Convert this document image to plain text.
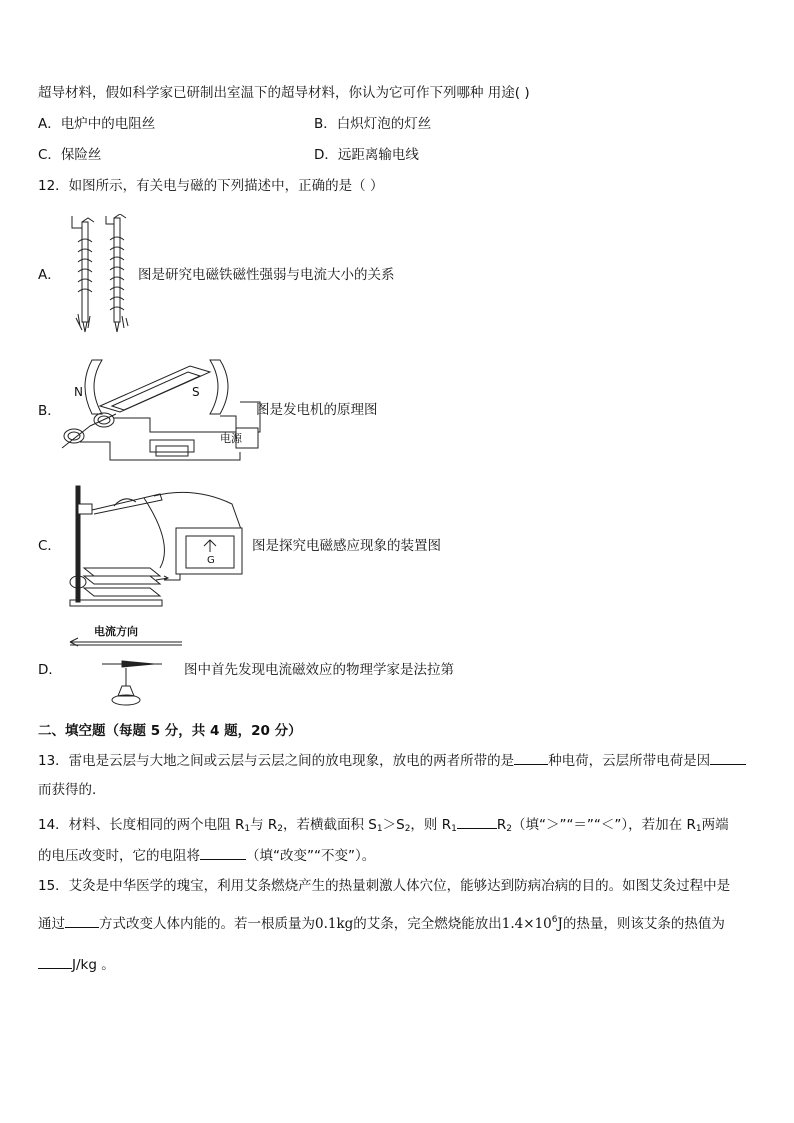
超导材料，假如科学家已研制出室温下的超导材料，你认为它可作下列哪种 用途( )
A．电炉中的电阻丝	B．白炽灯泡的灯丝
C．保险丝	D．远距离输电线
12．如图所示，有关电与磁的下列描述中，正确的是（ ）
A．	图是研究电磁铁磁性强弱与电流大小的关系
B．
N	S
电源
图是发电机的原理图
C．
G
图是探究电磁感应现象的装置图
D．
电流方向
图中首先发现电流磁效应的物理学家是法拉第
二、填空题（每题 5 分，共 4 题，20 分）
13．雷电是云层与大地之间或云层与云层之间的放电现象，放电的两者所带的是	种电荷，云层所带电荷是因
而获得的.
14．材料、长度相同的两个电阻 $R_1$与 $R_2$，若横截面积 $S_1>S_2$，则 $R_1$	$R_2$（填“＞”“＝”“＜”），若加在 $R_1$两端
的电压改变时，它的电阻将	（填“改变”“不变”）。
15．艾灸是中华医学的瑰宝，利用艾条燃烧产生的热量刺激人体穴位，能够达到防病冶病的目的。如图艾灸过程中是
通过	方式改变人体内能的。若一根质量为0.1kg的艾条，完全燃烧能放出$1.4\times 10^6J$的热量，则该艾条的热值为
J/kg 。
